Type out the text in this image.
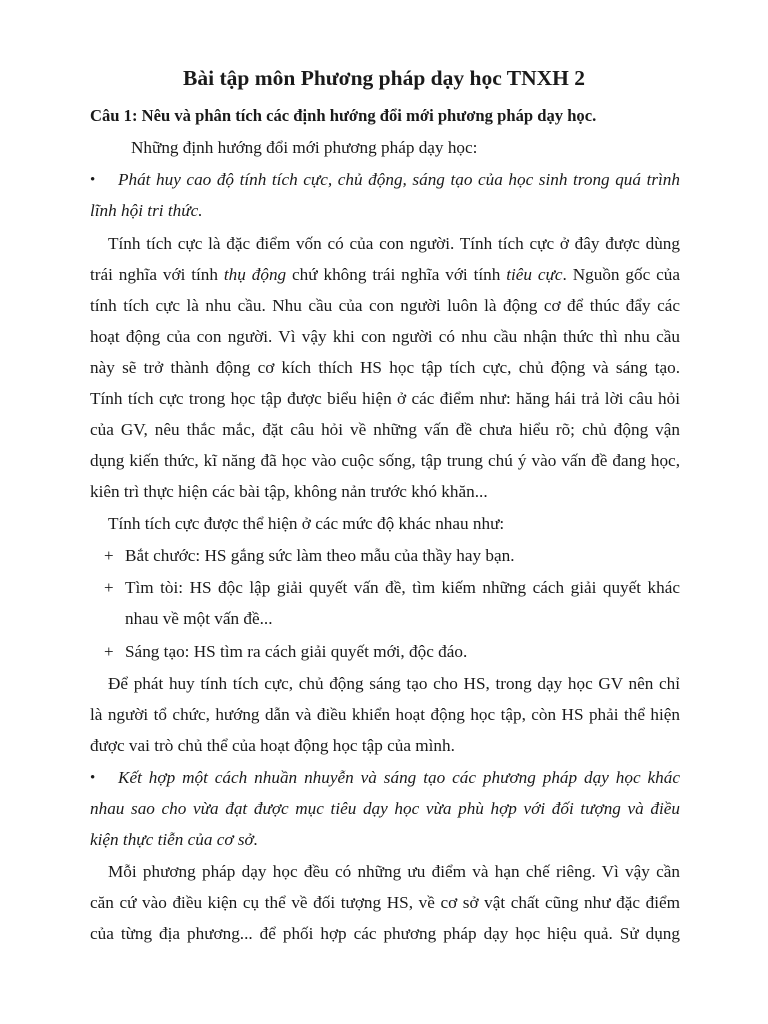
Bài tập môn Phương pháp dạy học TNXH 2
Câu 1: Nêu và phân tích các định hướng đổi mới phương pháp dạy học.
Những định hướng đổi mới phương pháp dạy học:
• Phát huy cao độ tính tích cực, chủ động, sáng tạo của học sinh trong quá trình
lĩnh hội tri thức.
Tính tích cực là đặc điểm vốn có của con người. Tính tích cực ở đây được dùng
trái nghĩa với tính thụ động chứ không trái nghĩa với tính tiêu cực. Nguồn gốc của
tính tích cực là nhu cầu. Nhu cầu của con người luôn là động cơ để thúc đẩy các
hoạt động của con người. Vì vậy khi con người có nhu cầu nhận thức thì nhu cầu
này sẽ trở thành động cơ kích thích HS học tập tích cực, chủ động và sáng tạo.
Tính tích cực trong học tập được biểu hiện ở các điểm như: hăng hái trả lời câu hỏi
của GV, nêu thắc mắc, đặt câu hỏi về những vấn đề chưa hiểu rõ; chủ động vận
dụng kiến thức, kĩ năng đã học vào cuộc sống, tập trung chú ý vào vấn đề đang học,
kiên trì thực hiện các bài tập, không nản trước khó khăn...
Tính tích cực được thể hiện ở các mức độ khác nhau như:
+ Bắt chước: HS gắng sức làm theo mẫu của thầy hay bạn.
+ Tìm tòi: HS độc lập giải quyết vấn đề, tìm kiếm những cách giải quyết khác
nhau về một vấn đề...
+ Sáng tạo: HS tìm ra cách giải quyết mới, độc đáo.
Để phát huy tính tích cực, chủ động sáng tạo cho HS, trong dạy học GV nên chỉ
là người tổ chức, hướng dẫn và điều khiển hoạt động học tập, còn HS phải thể hiện
được vai trò chủ thể của hoạt động học tập của mình.
• Kết hợp một cách nhuần nhuyễn và sáng tạo các phương pháp dạy học khác
nhau sao cho vừa đạt được mục tiêu dạy học vừa phù hợp với đối tượng và điều
kiện thực tiễn của cơ sở.
Mỗi phương pháp dạy học đều có những ưu điểm và hạn chế riêng. Vì vậy cần
căn cứ vào điều kiện cụ thể về đối tượng HS, về cơ sở vật chất cũng như đặc điểm
của từng địa phương... để phối hợp các phương pháp dạy học hiệu quả. Sử dụng
